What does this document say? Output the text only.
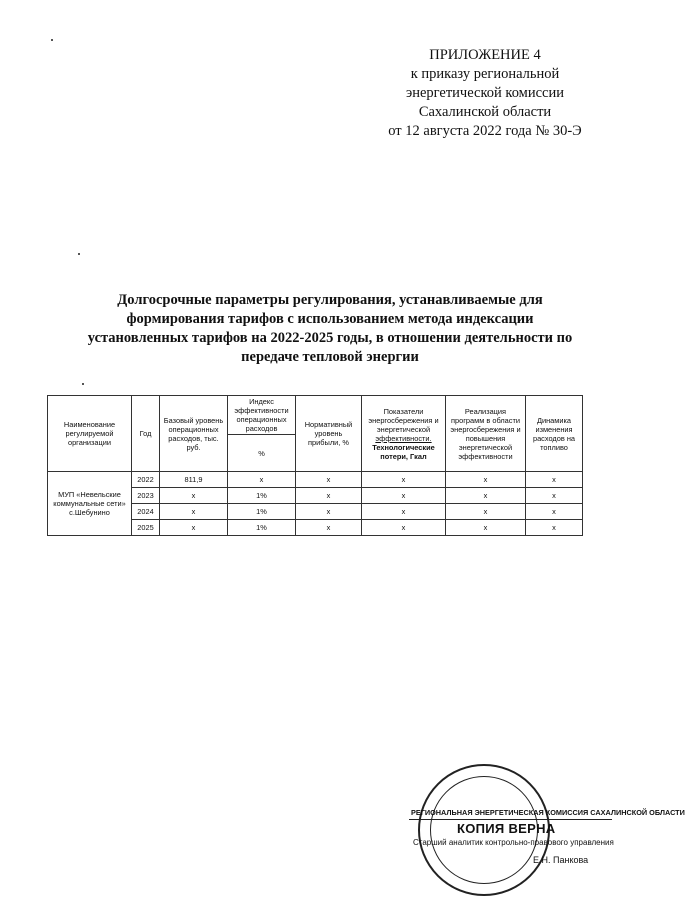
ПРИЛОЖЕНИЕ 4
к приказу региональной
энергетической комиссии
Сахалинской области
от 12 августа 2022 года № 30-Э
Долгосрочные параметры регулирования, устанавливаемые для
формирования тарифов с использованием метода индексации
установленных тарифов на 2022-2025 годы, в отношении деятельности по
передаче тепловой энергии
Наименование регулируемой организации	Год	Базовый уровень операционных расходов, тыс. руб.	Индекс эффективности операционных расходов	Нормативный уровень прибыли, %	Показатели энергосбережения и энергетической эффективности. Технологические потери, Гкал	Реализация программ в области энергосбережения и повышения энергетической эффективности	Динамика изменения расходов на топливо
			%				
МУП «Невельские коммунальные сети» с.Шебунино	2022	811,9	x	x	x	x	x
	2023	x	1%	x	x	x	x
	2024	x	1%	x	x	x	x
	2025	x	1%	x	x	x	x
РЕГИОНАЛЬНАЯ ЭНЕРГЕТИЧЕСКАЯ КОМИССИЯ САХАЛИНСКОЙ ОБЛАСТИ
КОПИЯ ВЕРНА
Старший аналитик контрольно-правового управления
Е.Н. Панкова
